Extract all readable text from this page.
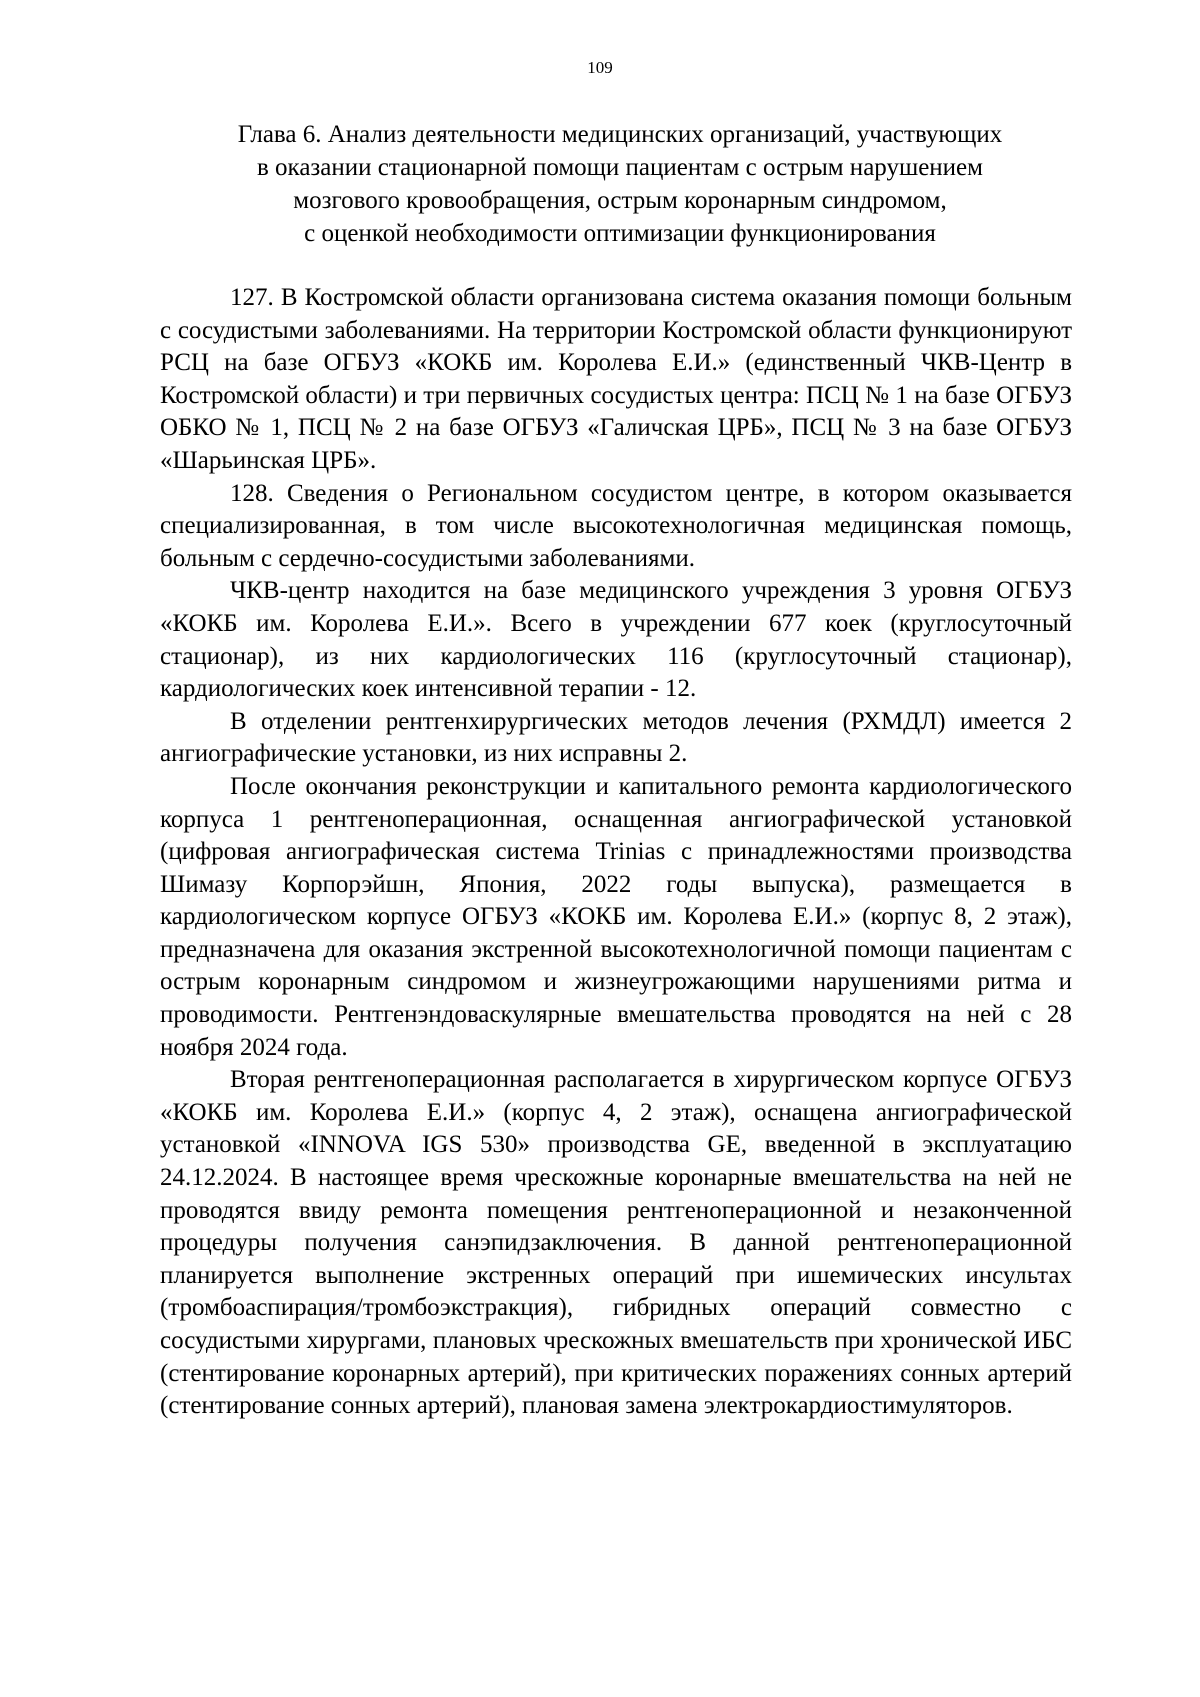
109
Глава 6. Анализ деятельности медицинских организаций, участвующих
в оказании стационарной помощи пациентам с острым нарушением
мозгового кровообращения, острым коронарным синдромом,
с оценкой необходимости оптимизации функционирования

127. В Костромской области организована система оказания помощи больным с сосудистыми заболеваниями. На территории Костромской области функционируют РСЦ на базе ОГБУЗ «КОКБ им. Королева Е.И.» (единственный ЧКВ-Центр в Костромской области) и три первичных сосудистых центра: ПСЦ № 1 на базе ОГБУЗ ОБКО № 1, ПСЦ № 2 на базе ОГБУЗ «Галичская ЦРБ», ПСЦ № 3 на базе ОГБУЗ «Шарьинская ЦРБ».

128. Сведения о Региональном сосудистом центре, в котором оказывается специализированная, в том числе высокотехнологичная медицинская помощь, больным с сердечно-сосудистыми заболеваниями.

ЧКВ-центр находится на базе медицинского учреждения 3 уровня ОГБУЗ «КОКБ им. Королева Е.И.». Всего в учреждении 677 коек (круглосуточный стационар), из них кардиологических 116 (круглосуточный стационар), кардиологических коек интенсивной терапии - 12.

В отделении рентгенхирургических методов лечения (РХМДЛ) имеется 2 ангиографические установки, из них исправны 2.

После окончания реконструкции и капитального ремонта кардиологического корпуса 1 рентгеноперационная, оснащенная ангиографической установкой (цифровая ангиографическая система Trinias с принадлежностями производства Шимазу Корпорэйшн, Япония, 2022 годы выпуска), размещается в кардиологическом корпусе ОГБУЗ «КОКБ им. Королева Е.И.» (корпус 8, 2 этаж), предназначена для оказания экстренной высокотехнологичной помощи пациентам с острым коронарным синдромом и жизнеугрожающими нарушениями ритма и проводимости. Рентгенэндоваскулярные вмешательства проводятся на ней с 28 ноября 2024 года.

Вторая рентгеноперационная располагается в хирургическом корпусе ОГБУЗ «КОКБ им. Королева Е.И.» (корпус 4, 2 этаж), оснащена ангиографической установкой «INNOVA IGS 530» производства GE, введенной в эксплуатацию 24.12.2024. В настоящее время чрескожные коронарные вмешательства на ней не проводятся ввиду ремонта помещения рентгеноперационной и незаконченной процедуры получения санэпидзаключения. В данной рентгеноперационной планируется выполнение экстренных операций при ишемических инсультах (тромбоаспирация/тромбоэкстракция), гибридных операций совместно с сосудистыми хирургами, плановых чрескожных вмешательств при хронической ИБС (стентирование коронарных артерий), при критических поражениях сонных артерий (стентирование сонных артерий), плановая замена электрокардиостимуляторов.
